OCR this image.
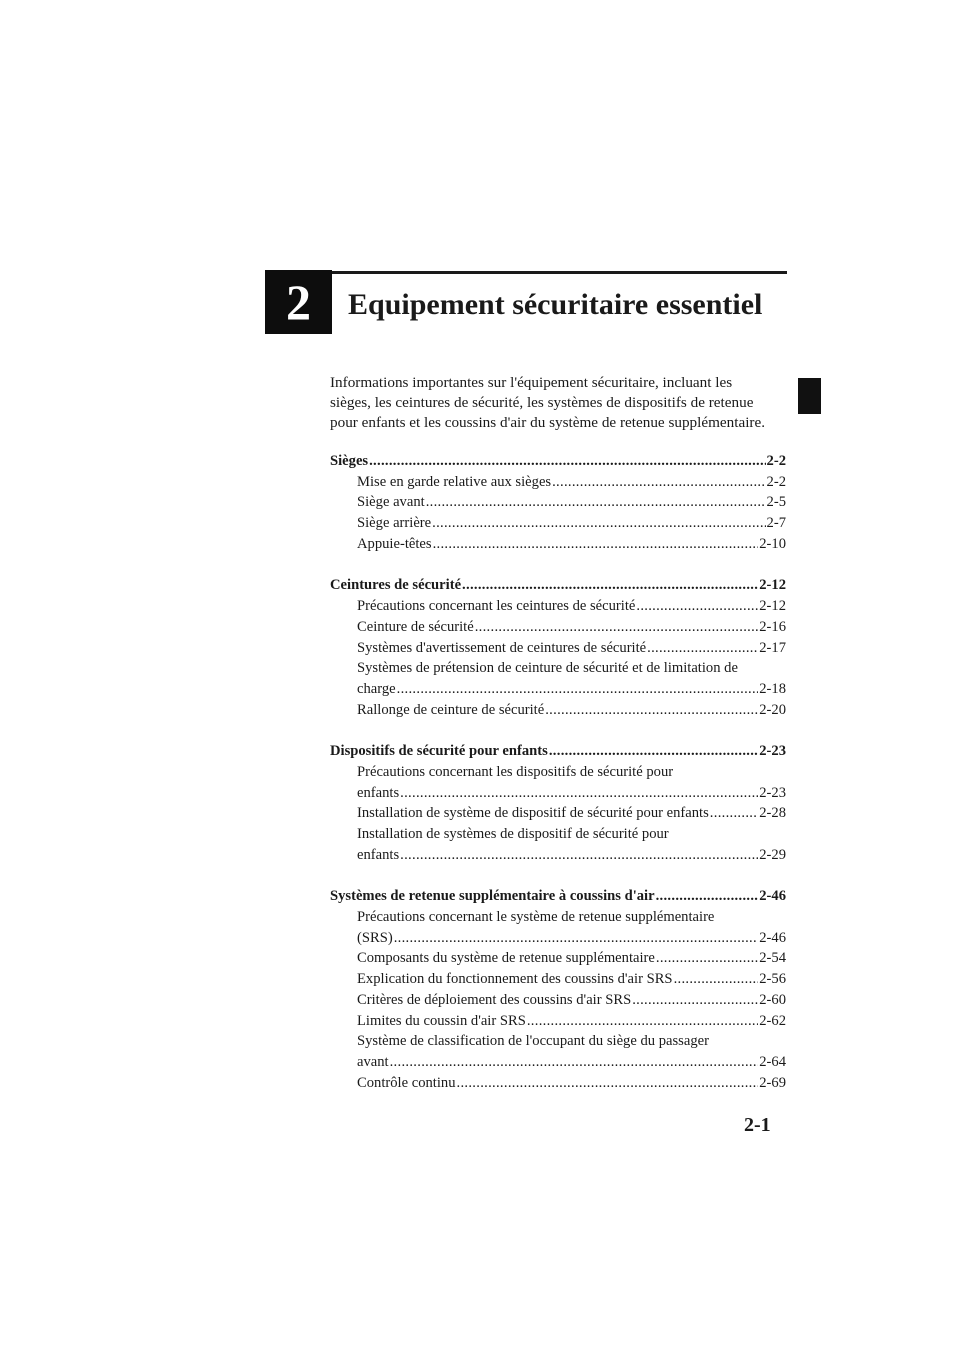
2	Equipement sécuritaire essentiel
Informations importantes sur l'équipement sécuritaire, incluant les
sièges, les ceintures de sécurité, les systèmes de dispositifs de retenue
pour enfants et les coussins d'air du système de retenue supplémentaire.
Sièges .....	2-2
Mise en garde relative aux sièges .....	2-2
Siège avant .....	2-5
Siège arrière .....	2-7
Appuie-têtes .....	2-10
Ceintures de sécurité .....	2-12
Précautions concernant les ceintures de sécurité .....	2-12
Ceinture de sécurité .....	2-16
Systèmes d'avertissement de ceintures de sécurité .....	2-17
Systèmes de prétension de ceinture de sécurité et de limitation de
charge .....	2-18
Rallonge de ceinture de sécurité .....	2-20
Dispositifs de sécurité pour enfants .....	2-23
Précautions concernant les dispositifs de sécurité pour
enfants .....	2-23
Installation de système de dispositif de sécurité pour enfants .....	2-28
Installation de systèmes de dispositif de sécurité pour
enfants .....	2-29
Systèmes de retenue supplémentaire à coussins d'air .....	2-46
Précautions concernant le système de retenue supplémentaire
(SRS) .....	2-46
Composants du système de retenue supplémentaire .....	2-54
Explication du fonctionnement des coussins d'air SRS .....	2-56
Critères de déploiement des coussins d'air SRS .....	2-60
Limites du coussin d'air SRS .....	2-62
Système de classification de l'occupant du siège du passager
avant .....	2-64
Contrôle continu .....	2-69
2-1
